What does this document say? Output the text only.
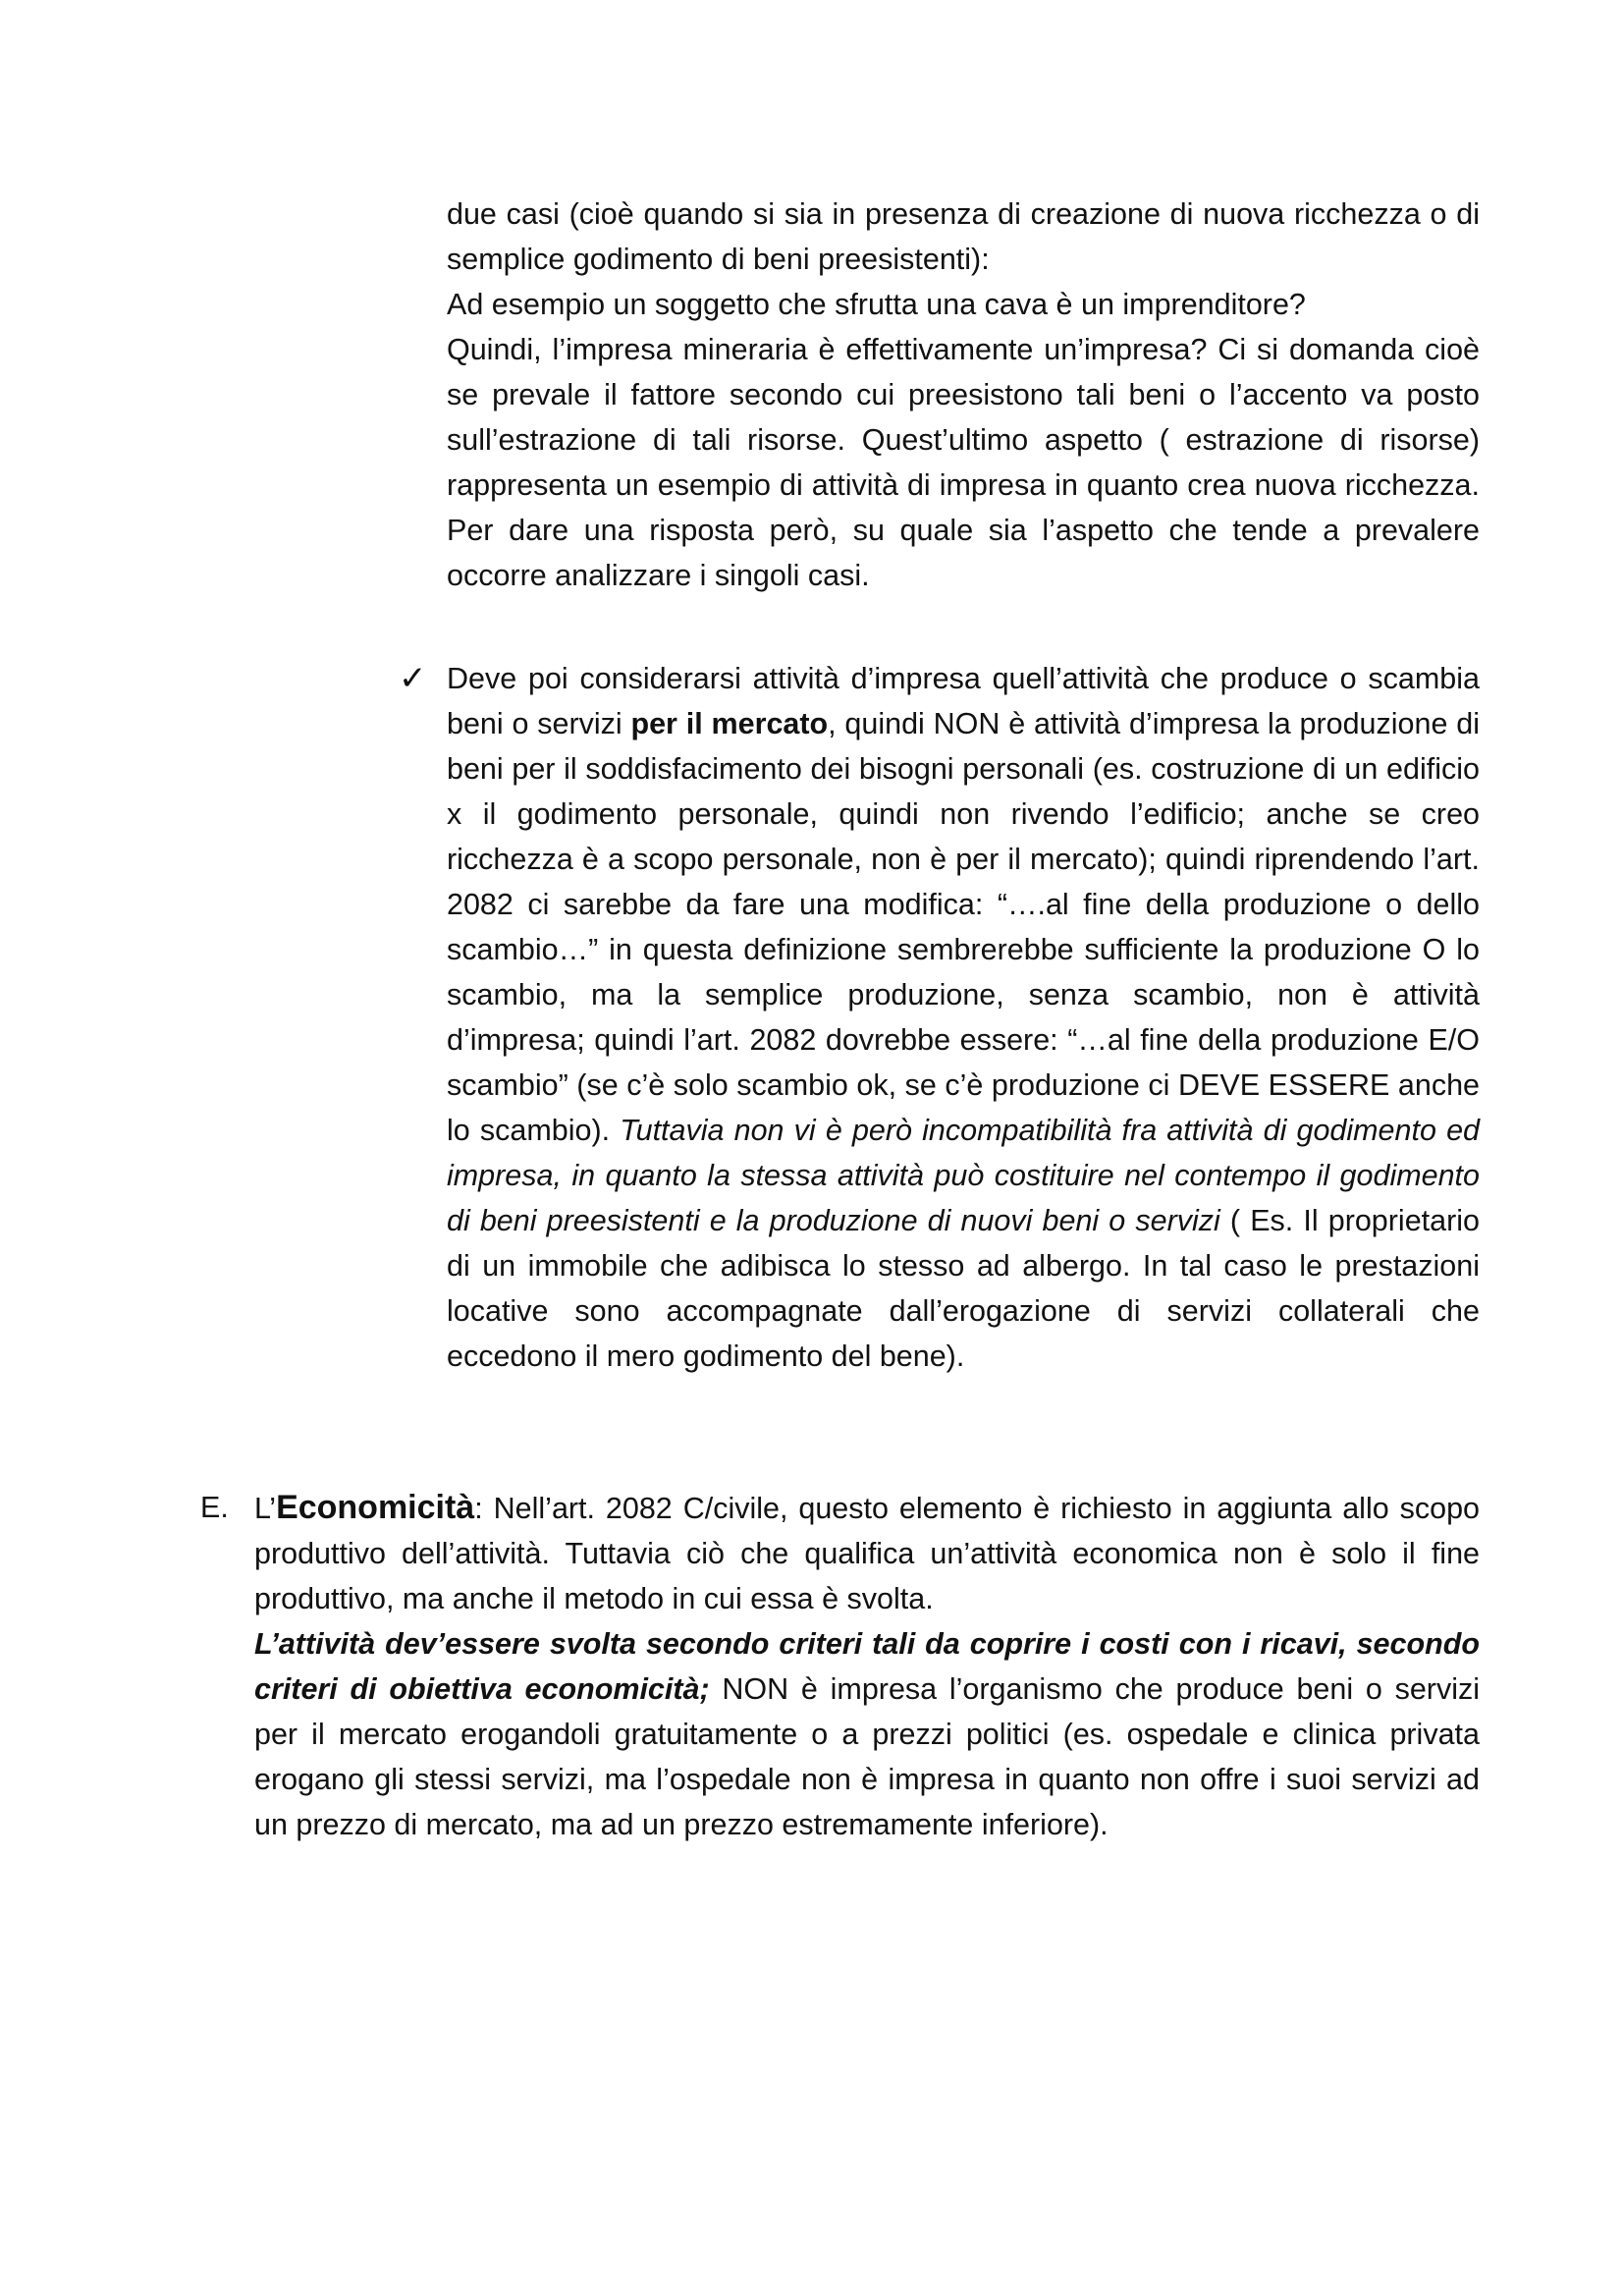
due casi (cioè quando si sia in presenza di creazione di nuova ricchezza o di semplice godimento di beni preesistenti):
Ad esempio un soggetto che sfrutta una cava è un imprenditore?
Quindi, l’impresa mineraria è effettivamente un’impresa? Ci si domanda cioè se prevale il fattore secondo cui preesistono tali beni o l’accento va posto sull’estrazione di tali risorse. Quest’ultimo aspetto ( estrazione di risorse) rappresenta un esempio di attività di impresa in quanto crea nuova ricchezza. Per dare una risposta però, su quale sia l’aspetto che tende a prevalere occorre analizzare i singoli casi.

✓ Deve poi considerarsi attività d’impresa quell’attività che produce o scambia beni o servizi per il mercato, quindi NON è attività d’impresa la produzione di beni per il soddisfacimento dei bisogni personali (es. costruzione di un edificio x il godimento personale, quindi non rivendo l’edificio; anche se creo ricchezza è a scopo personale, non è per il mercato); quindi riprendendo l’art. 2082 ci sarebbe da fare una modifica: “….al fine della produzione o dello scambio…” in questa definizione sembrerebbe sufficiente la produzione O lo scambio, ma la semplice produzione, senza scambio, non è attività d’impresa; quindi l’art. 2082 dovrebbe essere: “…al fine della produzione E/O scambio” (se c’è solo scambio ok, se c’è produzione ci DEVE ESSERE anche lo scambio). Tuttavia non vi è però incompatibilità fra attività di godimento ed impresa, in quanto la stessa attività può costituire nel contempo il godimento di beni preesistenti e la produzione di nuovi beni o servizi ( Es. Il proprietario di un immobile che adibisca lo stesso ad albergo. In tal caso le prestazioni locative sono accompagnate dall’erogazione di servizi collaterali che eccedono il mero godimento del bene).

E. L’Economicità: Nell’art. 2082 C/civile, questo elemento è richiesto in aggiunta allo scopo produttivo dell’attività. Tuttavia ciò che qualifica un’attività economica non è solo il fine produttivo, ma anche il metodo in cui essa è svolta.
L’attività dev’essere svolta secondo criteri tali da coprire i costi con i ricavi, secondo criteri di obiettiva economicità; NON è impresa l’organismo che produce beni o servizi per il mercato erogandoli gratuitamente o a prezzi politici (es. ospedale e clinica privata erogano gli stessi servizi, ma l’ospedale non è impresa in quanto non offre i suoi servizi ad un prezzo di mercato, ma ad un prezzo estremamente inferiore).
